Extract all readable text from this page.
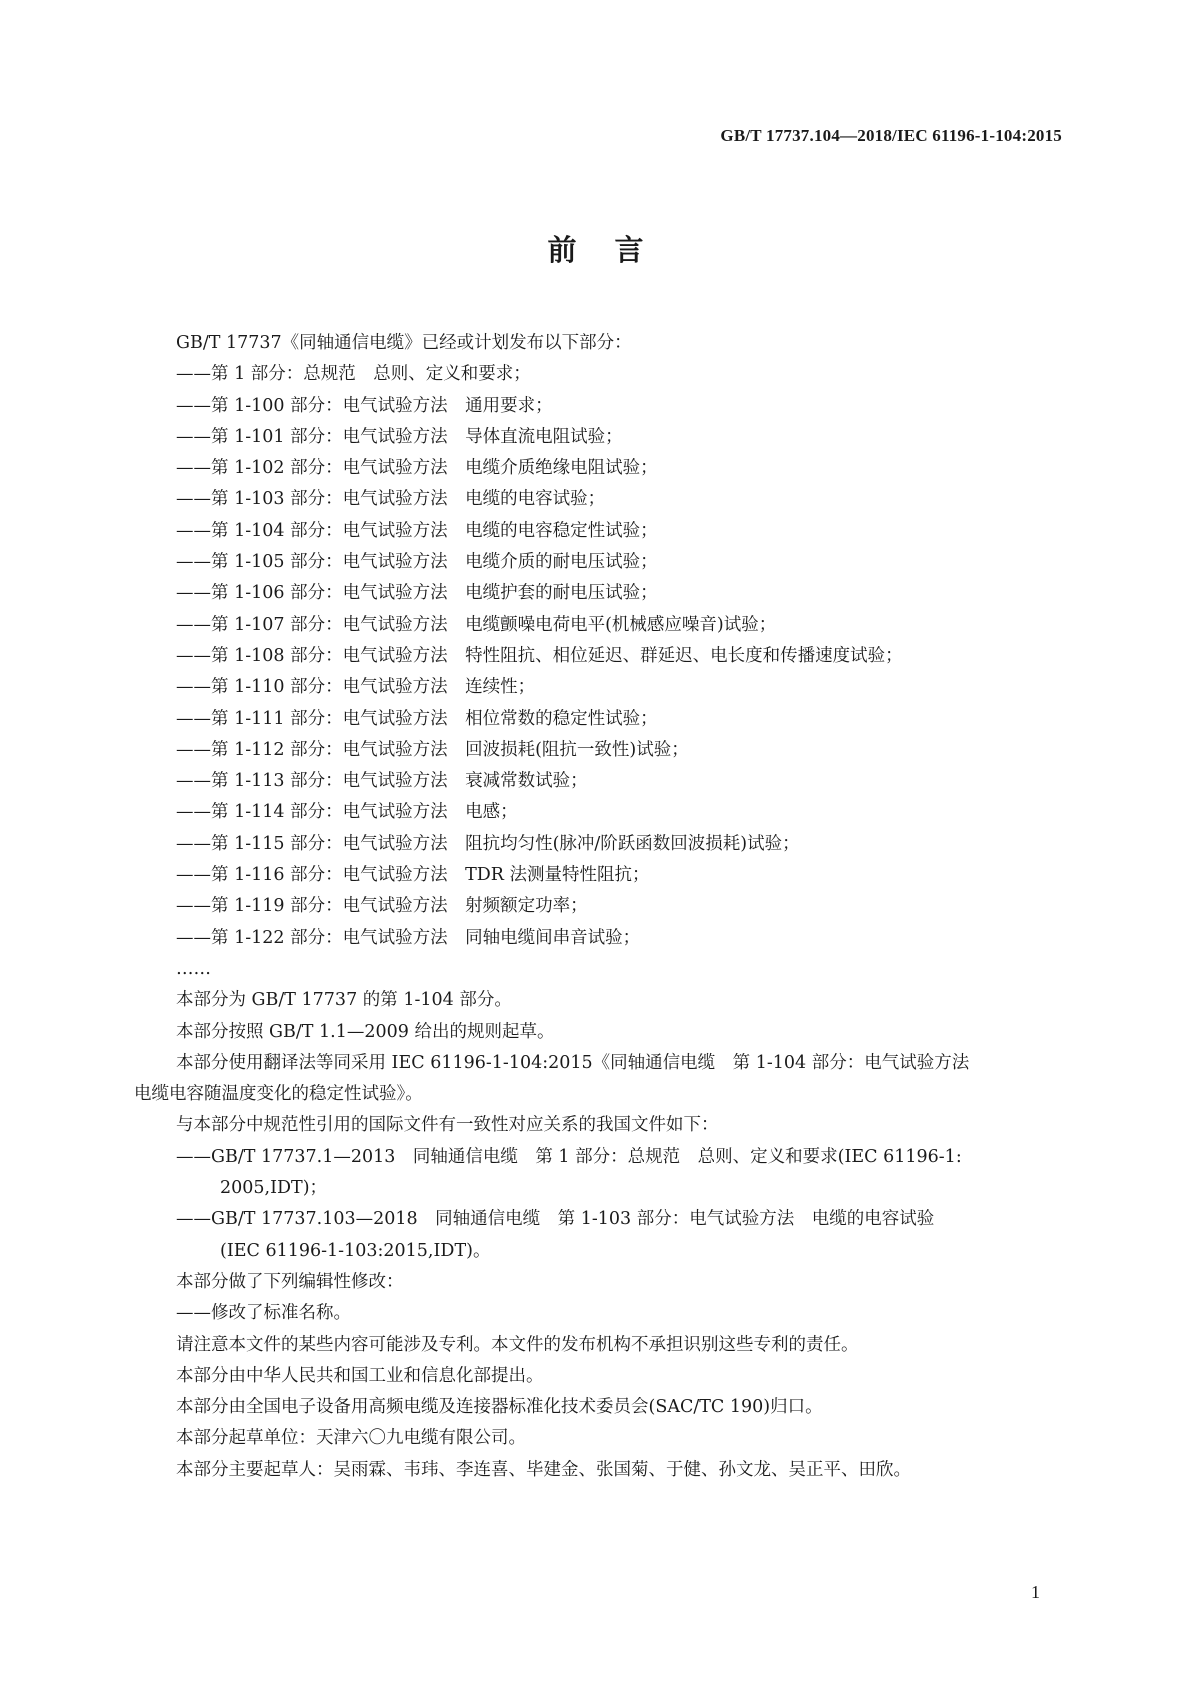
GB/T 17737.104—2018/IEC 61196-1-104:2015
前言
GB/T 17737《同轴通信电缆》已经或计划发布以下部分：
——第 1 部分：总规范　总则、定义和要求；
——第 1-100 部分：电气试验方法　通用要求；
——第 1-101 部分：电气试验方法　导体直流电阻试验；
——第 1-102 部分：电气试验方法　电缆介质绝缘电阻试验；
——第 1-103 部分：电气试验方法　电缆的电容试验；
——第 1-104 部分：电气试验方法　电缆的电容稳定性试验；
——第 1-105 部分：电气试验方法　电缆介质的耐电压试验；
——第 1-106 部分：电气试验方法　电缆护套的耐电压试验；
——第 1-107 部分：电气试验方法　电缆颤噪电荷电平(机械感应噪音)试验；
——第 1-108 部分：电气试验方法　特性阻抗、相位延迟、群延迟、电长度和传播速度试验；
——第 1-110 部分：电气试验方法　连续性；
——第 1-111 部分：电气试验方法　相位常数的稳定性试验；
——第 1-112 部分：电气试验方法　回波损耗(阻抗一致性)试验；
——第 1-113 部分：电气试验方法　衰减常数试验；
——第 1-114 部分：电气试验方法　电感；
——第 1-115 部分：电气试验方法　阻抗均匀性(脉冲/阶跃函数回波损耗)试验；
——第 1-116 部分：电气试验方法　TDR 法测量特性阻抗；
——第 1-119 部分：电气试验方法　射频额定功率；
——第 1-122 部分：电气试验方法　同轴电缆间串音试验；
……
本部分为 GB/T 17737 的第 1-104 部分。
本部分按照 GB/T 1.1—2009 给出的规则起草。
本部分使用翻译法等同采用 IEC 61196-1-104:2015《同轴通信电缆　第 1-104 部分：电气试验方法
电缆电容随温度变化的稳定性试验》。
与本部分中规范性引用的国际文件有一致性对应关系的我国文件如下：
——GB/T 17737.1—2013　同轴通信电缆　第 1 部分：总规范　总则、定义和要求(IEC 61196-1:
2005,IDT)；
——GB/T 17737.103—2018　同轴通信电缆　第 1-103 部分：电气试验方法　电缆的电容试验
(IEC 61196-1-103:2015,IDT)。
本部分做了下列编辑性修改：
——修改了标准名称。
请注意本文件的某些内容可能涉及专利。本文件的发布机构不承担识别这些专利的责任。
本部分由中华人民共和国工业和信息化部提出。
本部分由全国电子设备用高频电缆及连接器标准化技术委员会(SAC/TC 190)归口。
本部分起草单位：天津六〇九电缆有限公司。
本部分主要起草人：吴雨霖、韦玮、李连喜、毕建金、张国菊、于健、孙文龙、吴正平、田欣。
1
